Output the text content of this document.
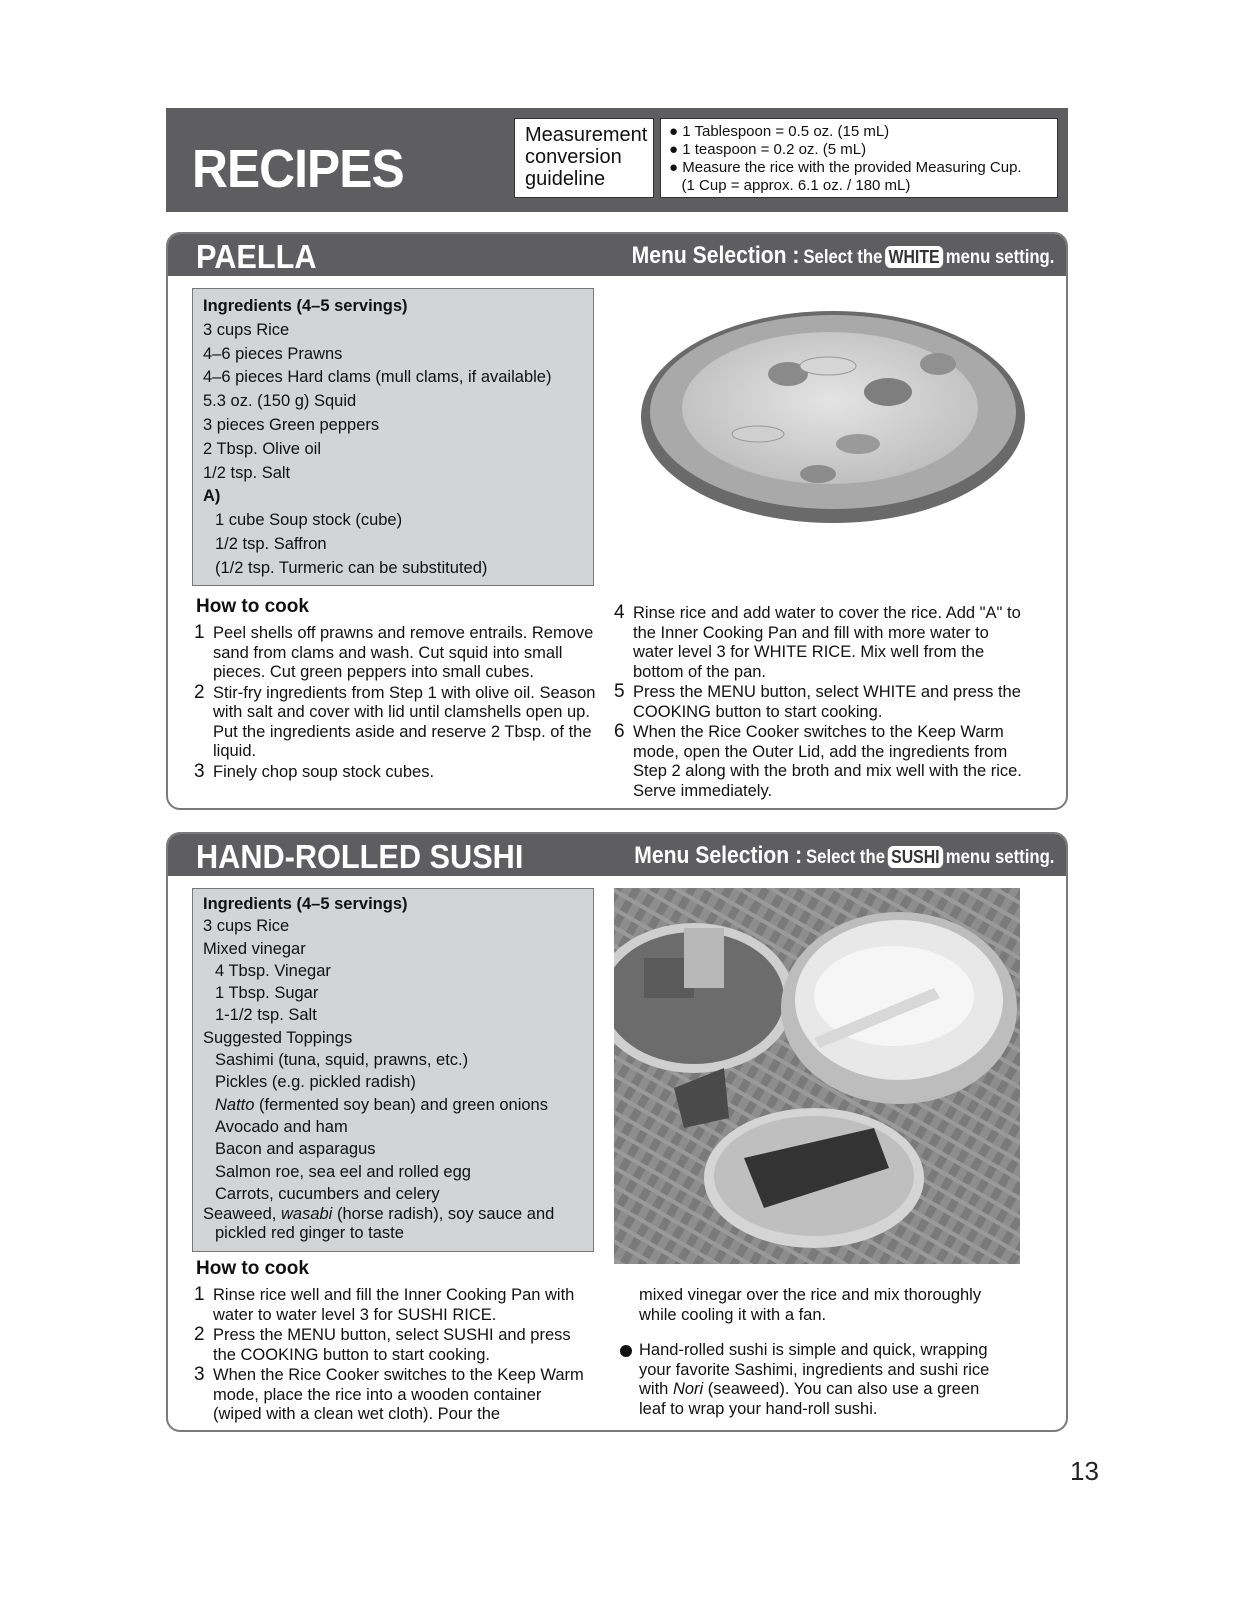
RECIPES
Measurement
conversion
guideline
● 1 Tablespoon = 0.5 oz. (15 mL)
● 1 teaspoon = 0.2 oz. (5 mL)
● Measure the rice with the provided Measuring Cup.
(1 Cup = approx. 6.1 oz. / 180 mL)
PAELLA	Menu Selection : Select the WHITE menu setting.
Ingredients (4–5 servings)
3 cups Rice
4–6 pieces Prawns
4–6 pieces Hard clams (mull clams, if available)
5.3 oz. (150 g) Squid
3 pieces Green peppers
2 Tbsp. Olive oil
1/2 tsp. Salt
A)
1 cube Soup stock (cube)
1/2 tsp. Saffron
(1/2 tsp. Turmeric can be substituted)
How to cook
1 Peel shells off prawns and remove entrails. Remove sand from clams and wash. Cut squid into small pieces. Cut green peppers into small cubes.
2 Stir-fry ingredients from Step 1 with olive oil. Season with salt and cover with lid until clamshells open up. Put the ingredients aside and reserve 2 Tbsp. of the liquid.
3 Finely chop soup stock cubes.
4 Rinse rice and add water to cover the rice. Add "A" to the Inner Cooking Pan and fill with more water to water level 3 for WHITE RICE. Mix well from the bottom of the pan.
5 Press the MENU button, select WHITE and press the COOKING button to start cooking.
6 When the Rice Cooker switches to the Keep Warm mode, open the Outer Lid, add the ingredients from Step 2 along with the broth and mix well with the rice. Serve immediately.
HAND-ROLLED SUSHI	Menu Selection : Select the SUSHI menu setting.
Ingredients (4–5 servings)
3 cups Rice
Mixed vinegar
4 Tbsp. Vinegar
1 Tbsp. Sugar
1-1/2 tsp. Salt
Suggested Toppings
Sashimi (tuna, squid, prawns, etc.)
Pickles (e.g. pickled radish)
Natto (fermented soy bean) and green onions
Avocado and ham
Bacon and asparagus
Salmon roe, sea eel and rolled egg
Carrots, cucumbers and celery
Seaweed, wasabi (horse radish), soy sauce and
pickled red ginger to taste
How to cook
1 Rinse rice well and fill the Inner Cooking Pan with water to water level 3 for SUSHI RICE.
2 Press the MENU button, select SUSHI and press the COOKING button to start cooking.
3 When the Rice Cooker switches to the Keep Warm mode, place the rice into a wooden container (wiped with a clean wet cloth). Pour the
mixed vinegar over the rice and mix thoroughly while cooling it with a fan.
Hand-rolled sushi is simple and quick, wrapping your favorite Sashimi, ingredients and sushi rice with Nori (seaweed). You can also use a green leaf to wrap your hand-roll sushi.
13
